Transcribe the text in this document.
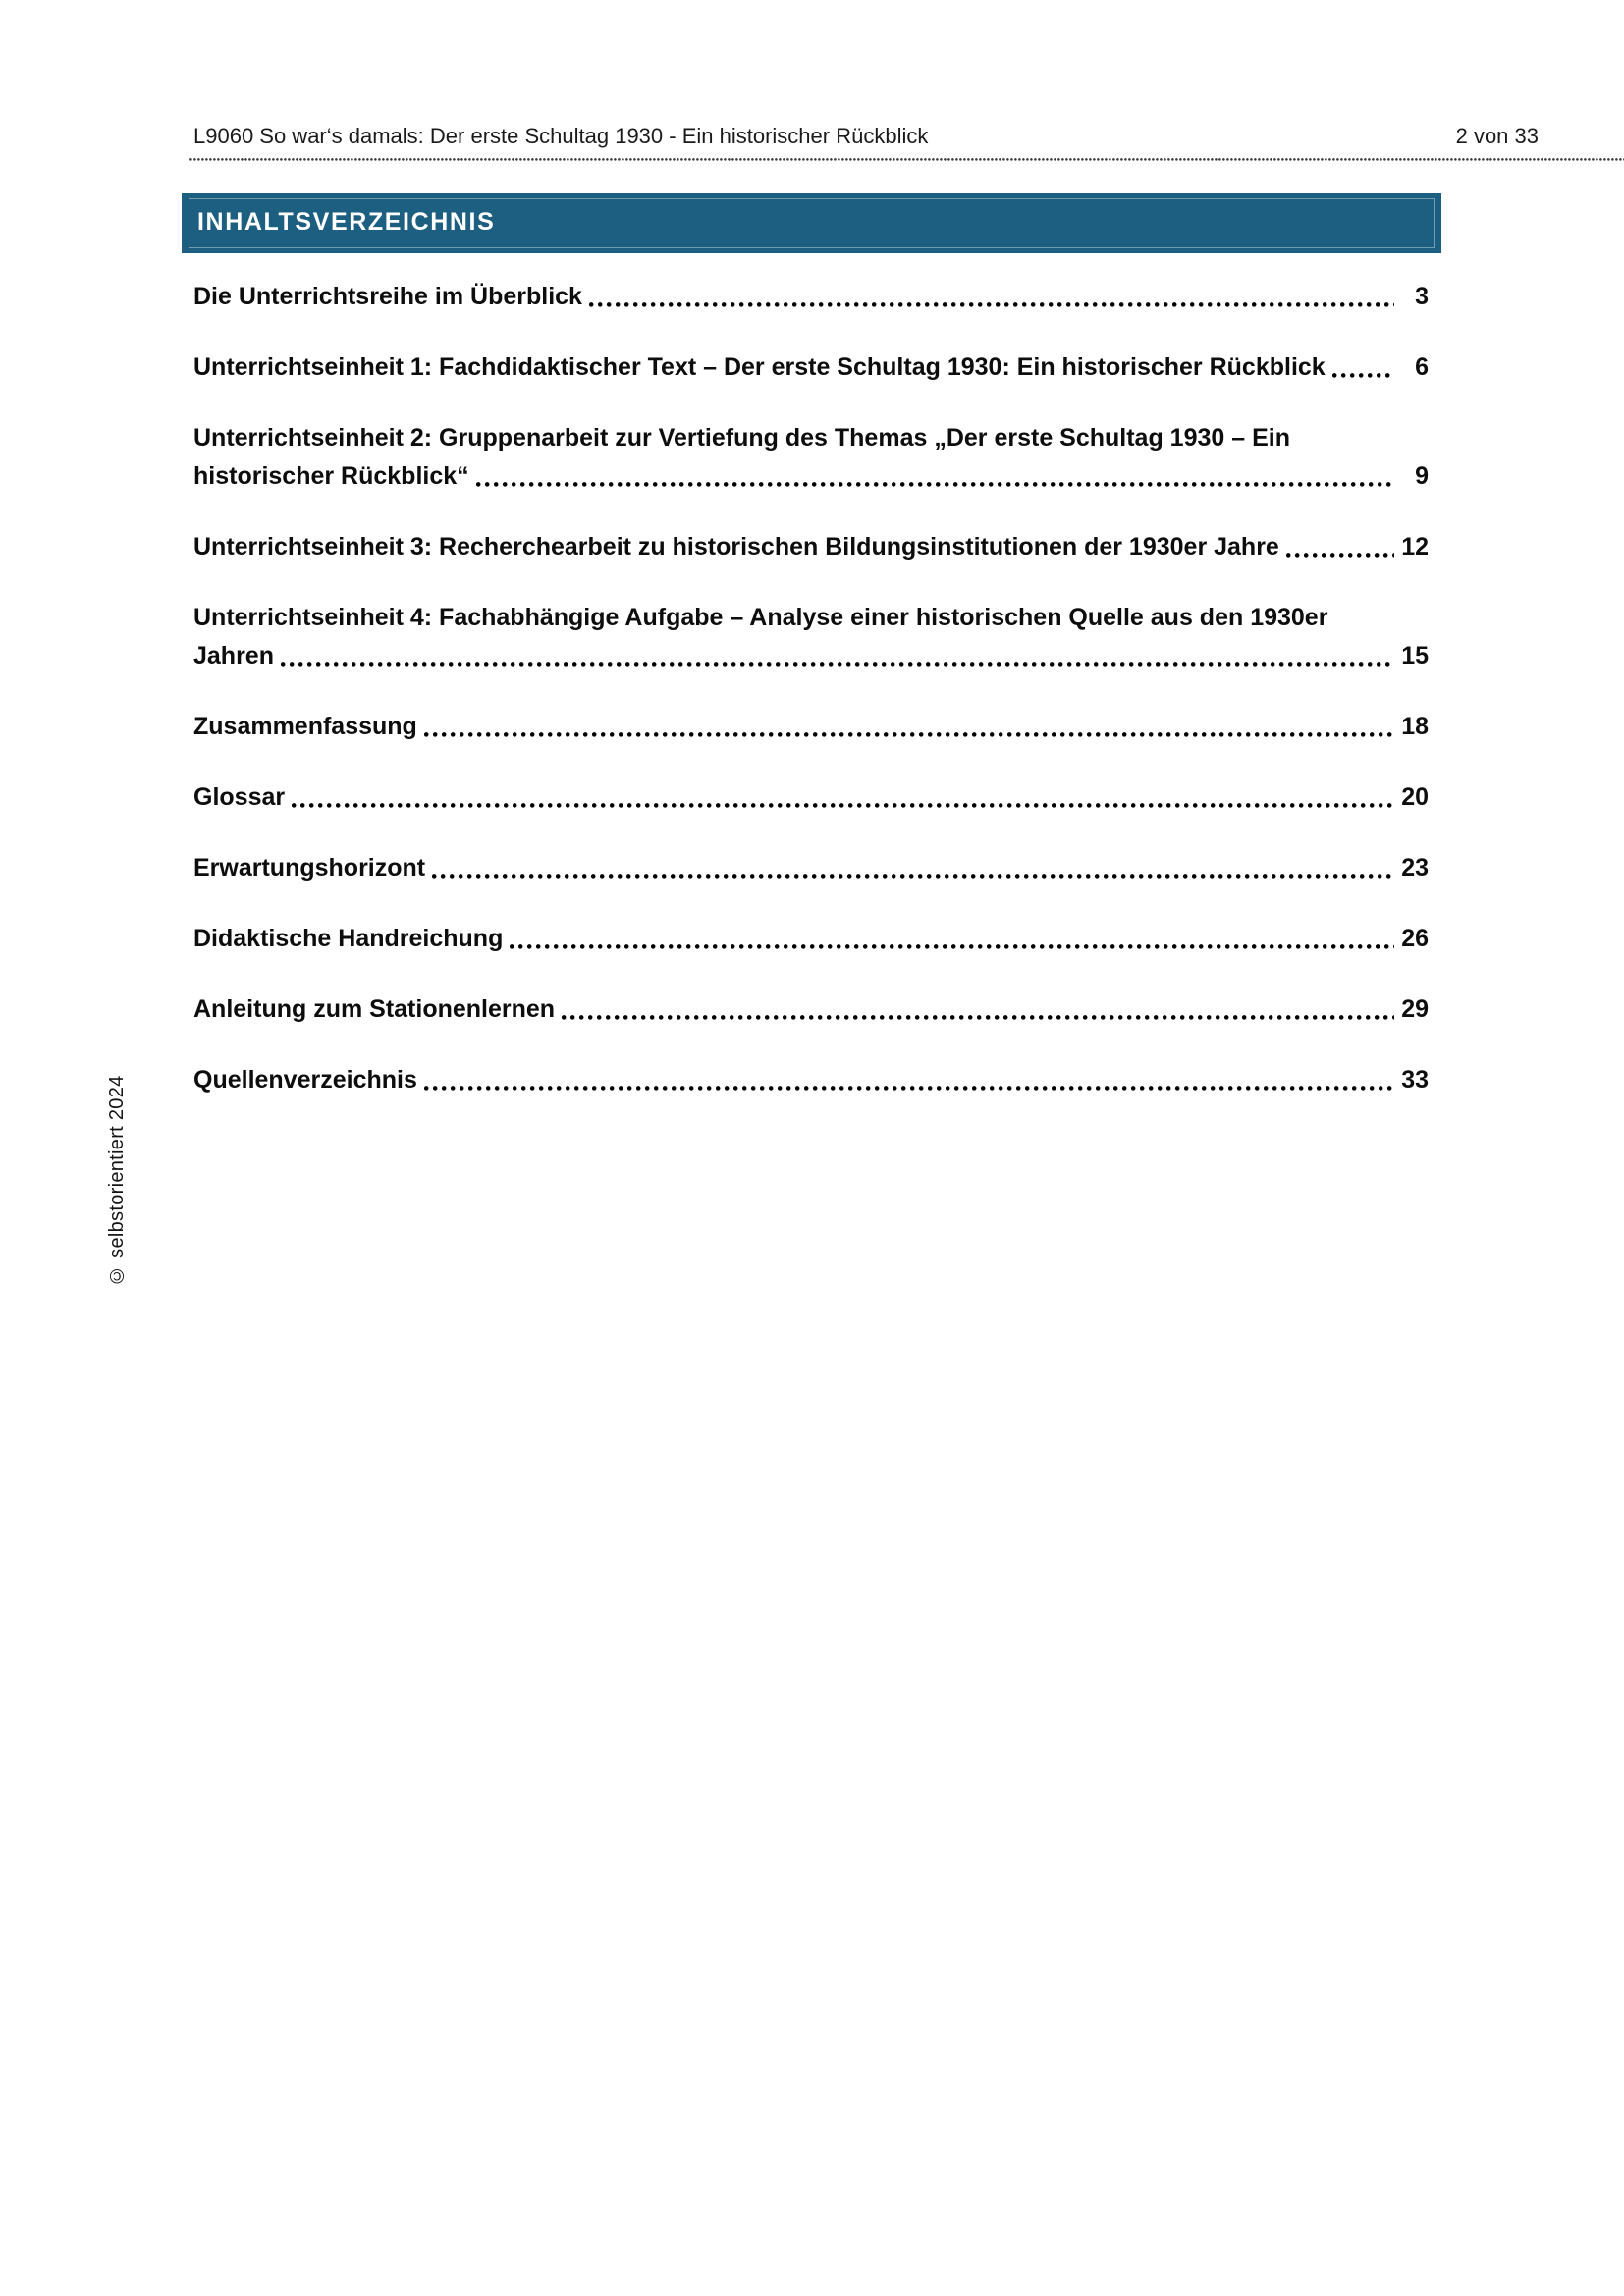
L9060 So war‘s damals: Der erste Schultag 1930 - Ein historischer Rückblick	2 von 33
INHALTSVERZEICHNIS
Die Unterrichtsreihe im Überblick	3
Unterrichtseinheit 1: Fachdidaktischer Text – Der erste Schultag 1930: Ein historischer Rückblick	6
Unterrichtseinheit 2: Gruppenarbeit zur Vertiefung des Themas „Der erste Schultag 1930 – Ein
historischer Rückblick“	9
Unterrichtseinheit 3: Recherchearbeit zu historischen Bildungsinstitutionen der 1930er Jahre	12
Unterrichtseinheit 4: Fachabhängige Aufgabe – Analyse einer historischen Quelle aus den 1930er
Jahren	15
Zusammenfassung	18
Glossar	20
Erwartungshorizont	23
Didaktische Handreichung	26
Anleitung zum Stationenlernen	29
Quellenverzeichnis	33
© selbstorientiert 2024
